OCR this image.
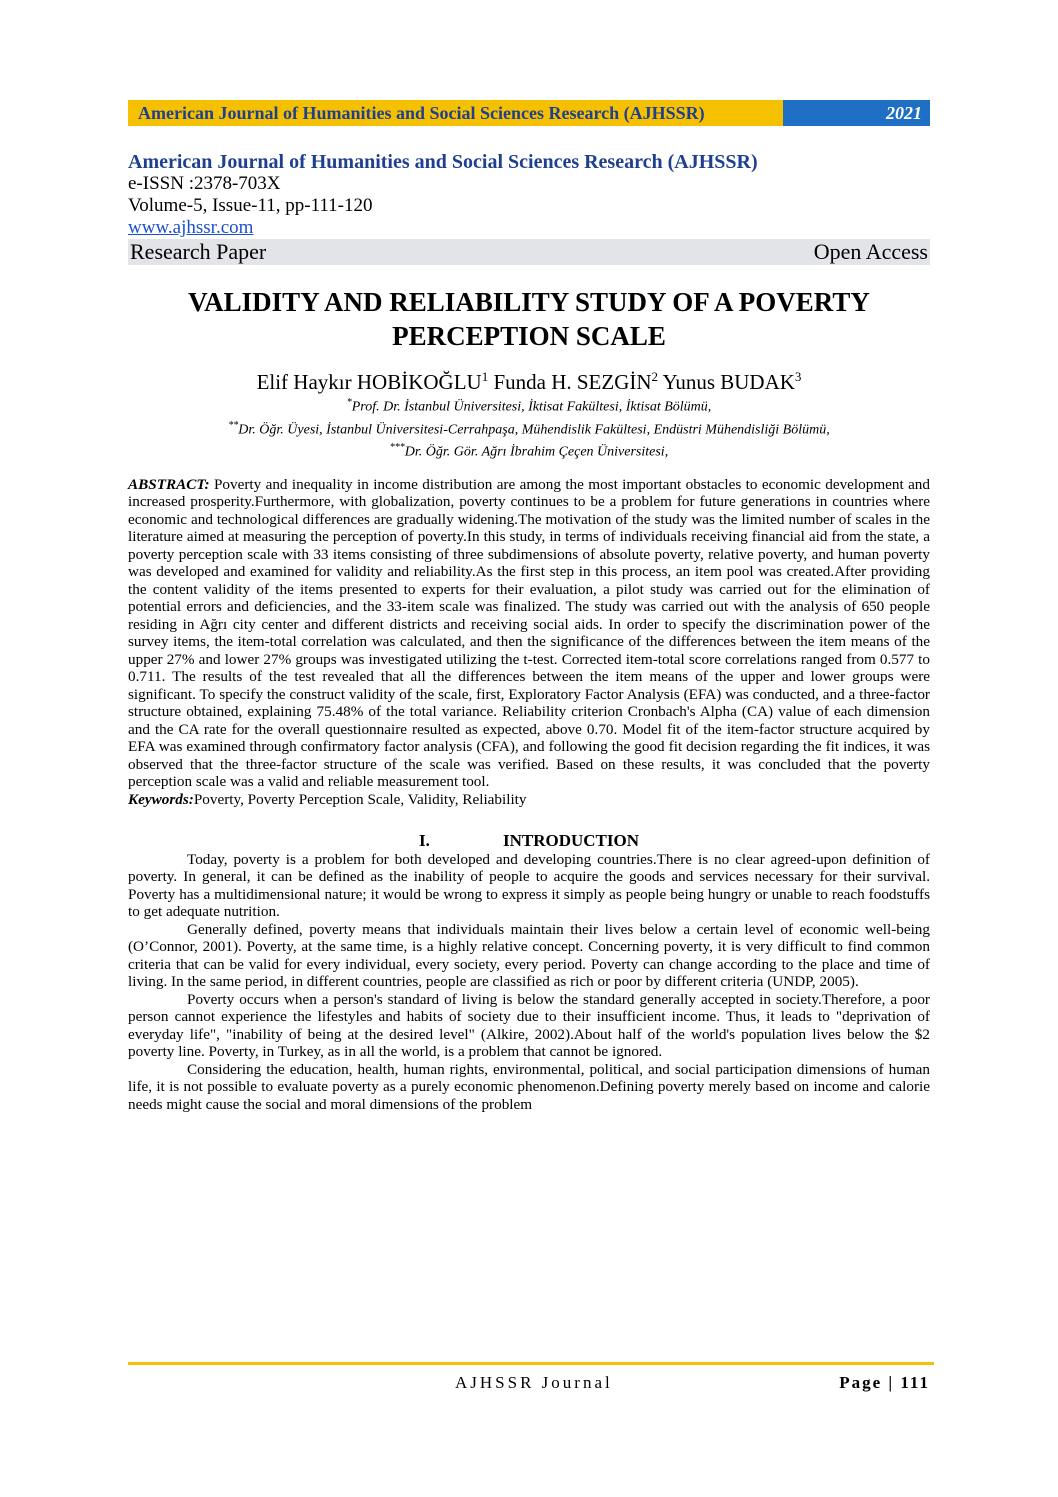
American Journal of Humanities and Social Sciences Research (AJHSSR)	2021
American Journal of Humanities and Social Sciences Research (AJHSSR)
e-ISSN :2378-703X
Volume-5, Issue-11, pp-111-120
www.ajhssr.com
Research Paper	Open Access
VALIDITY AND RELIABILITY STUDY OF A POVERTY
PERCEPTION SCALE
Elif Haykır HOBİKOĞLU$^1$ Funda H. SEZGİN$^2$ Yunus BUDAK$^3$
*Prof. Dr. İstanbul Üniversitesi, İktisat Fakültesi, İktisat Bölümü,
**Dr. Öğr. Üyesi, İstanbul Üniversitesi-Cerrahpaşa, Mühendislik Fakültesi, Endüstri Mühendisliği Bölümü,
***Dr. Öğr. Gör. Ağrı İbrahim Çeçen Üniversitesi,
ABSTRACT: Poverty and inequality in income distribution are among the most important obstacles to economic development and increased prosperity.Furthermore, with globalization, poverty continues to be a problem for future generations in countries where economic and technological differences are gradually widening.The motivation of the study was the limited number of scales in the literature aimed at measuring the perception of poverty.In this study, in terms of individuals receiving financial aid from the state, a poverty perception scale with 33 items consisting of three subdimensions of absolute poverty, relative poverty, and human poverty was developed and examined for validity and reliability.As the first step in this process, an item pool was created.After providing the content validity of the items presented to experts for their evaluation, a pilot study was carried out for the elimination of potential errors and deficiencies, and the 33-item scale was finalized. The study was carried out with the analysis of 650 people residing in Ağrı city center and different districts and receiving social aids. In order to specify the discrimination power of the survey items, the item-total correlation was calculated, and then the significance of the differences between the item means of the upper 27% and lower 27% groups was investigated utilizing the t-test. Corrected item-total score correlations ranged from 0.577 to 0.711. The results of the test revealed that all the differences between the item means of the upper and lower groups were significant. To specify the construct validity of the scale, first, Exploratory Factor Analysis (EFA) was conducted, and a three-factor structure obtained, explaining 75.48% of the total variance. Reliability criterion Cronbach's Alpha (CA) value of each dimension and the CA rate for the overall questionnaire resulted as expected, above 0.70. Model fit of the item-factor structure acquired by EFA was examined through confirmatory factor analysis (CFA), and following the good fit decision regarding the fit indices, it was observed that the three-factor structure of the scale was verified. Based on these results, it was concluded that the poverty perception scale was a valid and reliable measurement tool.
Keywords:Poverty, Poverty Perception Scale, Validity, Reliability
I.	INTRODUCTION

Today, poverty is a problem for both developed and developing countries.There is no clear agreed-upon definition of poverty. In general, it can be defined as the inability of people to acquire the goods and services necessary for their survival. Poverty has a multidimensional nature; it would be wrong to express it simply as people being hungry or unable to reach foodstuffs to get adequate nutrition.

Generally defined, poverty means that individuals maintain their lives below a certain level of economic well-being (O’Connor, 2001). Poverty, at the same time, is a highly relative concept. Concerning poverty, it is very difficult to find common criteria that can be valid for every individual, every society, every period. Poverty can change according to the place and time of living. In the same period, in different countries, people are classified as rich or poor by different criteria (UNDP, 2005).

Poverty occurs when a person's standard of living is below the standard generally accepted in society.Therefore, a poor person cannot experience the lifestyles and habits of society due to their insufficient income. Thus, it leads to "deprivation of everyday life", "inability of being at the desired level" (Alkire, 2002).About half of the world's population lives below the $2 poverty line. Poverty, in Turkey, as in all the world, is a problem that cannot be ignored.

Considering the education, health, human rights, environmental, political, and social participation dimensions of human life, it is not possible to evaluate poverty as a purely economic phenomenon.Defining poverty merely based on income and calorie needs might cause the social and moral dimensions of the problem

AJHSSR Journal	Page | 111
